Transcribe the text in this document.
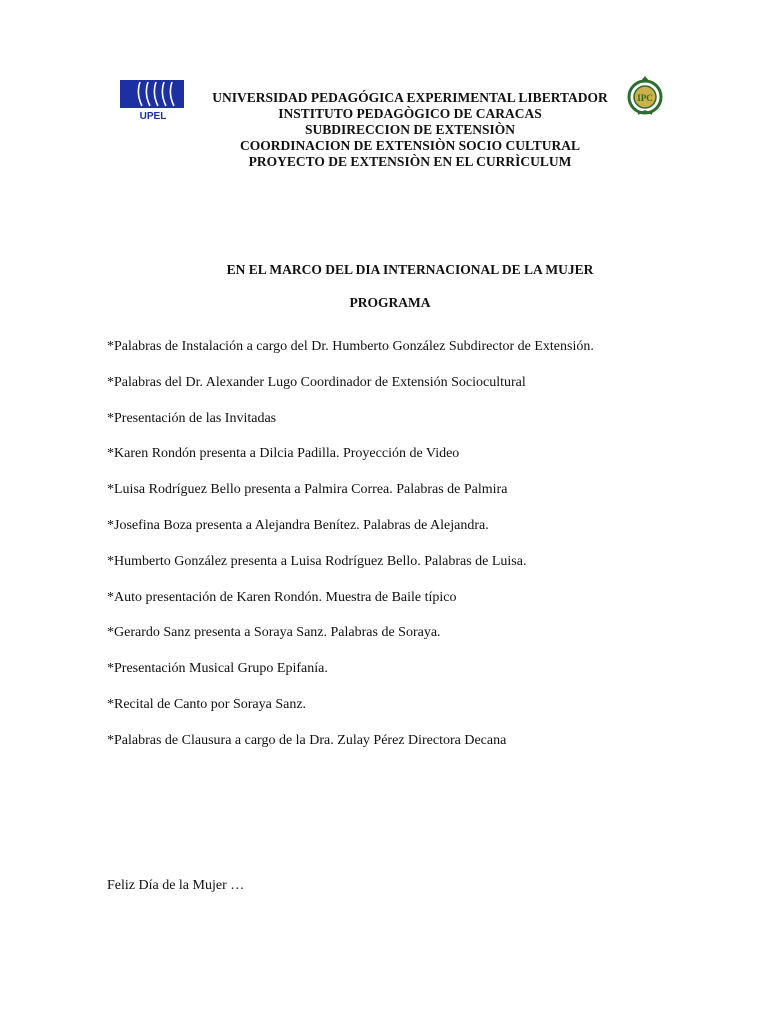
UPEL
IPC
UNIVERSIDAD PEDAGÓGICA EXPERIMENTAL LIBERTADOR
INSTITUTO PEDAGÒGICO DE CARACAS
SUBDIRECCION DE EXTENSIÒN
COORDINACION DE EXTENSIÒN SOCIO CULTURAL
PROYECTO DE EXTENSIÒN EN EL CURRÌCULUM
EN EL MARCO DEL DIA INTERNACIONAL DE LA MUJER
PROGRAMA
*Palabras de Instalación a cargo del Dr. Humberto González Subdirector de Extensión.
*Palabras del Dr. Alexander Lugo Coordinador de Extensión Sociocultural
*Presentación de las Invitadas
*Karen Rondón presenta a Dilcia Padilla. Proyección de Video
*Luisa Rodríguez Bello presenta a Palmira Correa. Palabras de Palmira
*Josefina Boza presenta a Alejandra Benítez. Palabras de Alejandra.
*Humberto González presenta a Luisa Rodríguez Bello. Palabras de Luisa.
*Auto presentación de Karen Rondón. Muestra de Baile típico
*Gerardo Sanz presenta a Soraya Sanz. Palabras de Soraya.
*Presentación Musical Grupo Epifanía.
*Recital de Canto por Soraya Sanz.
*Palabras de Clausura a cargo de la Dra. Zulay Pérez Directora Decana
Feliz Día de la Mujer …
